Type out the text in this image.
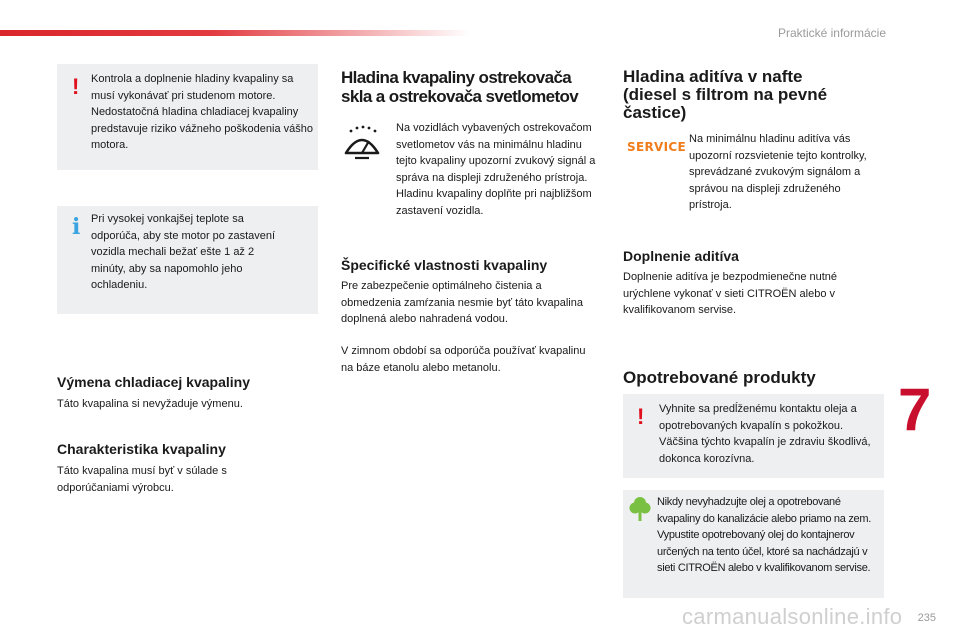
Praktické informácie
! Kontrola a doplnenie hladiny kvapaliny sa musí vykonávať pri studenom motore. Nedostatočná hladina chladiacej kvapaliny predstavuje riziko vážneho poškodenia vášho motora.
i Pri vysokej vonkajšej teplote sa odporúča, aby ste motor po zastavení vozidla mechali bežať ešte 1 až 2 minúty, aby sa napomohlo jeho ochladeniu.
Výmena chladiacej kvapaliny

Táto kvapalina si nevyžaduje výmenu.

Charakteristika kvapaliny

Táto kvapalina musí byť v súlade s odporúčaniami výrobcu.

Hladina kvapaliny ostrekovača
skla a ostrekovača svetlometov

Na vozidlách vybavených ostrekovačom svetlometov vás na minimálnu hladinu tejto kvapaliny upozorní zvukový signál a správa na displeji združeného prístroja. Hladinu kvapaliny doplňte pri najbližšom zastavení vozidla.

Špecifické vlastnosti kvapaliny

Pre zabezpečenie optimálneho čistenia a obmedzenia zamŕzania nesmie byť táto kvapalina doplnená alebo nahradená vodou.

V zimnom období sa odporúča používať kvapalinu na báze etanolu alebo metanolu.

Hladina aditíva v nafte
(diesel s filtrom na pevné
častice)
SERVICE

Na minimálnu hladinu aditíva vás upozorní rozsvietenie tejto kontrolky, sprevádzané zvukovým signálom a správou na displeji združeného prístroja.

Doplnenie aditíva

Doplnenie aditíva je bezpodmienečne nutné urýchlene vykonať v sieti CITROËN alebo v kvalifikovanom servise.

Opotrebované produkty
! Vyhnite sa predĺženému kontaktu oleja a opotrebovaných kvapalín s pokožkou. Väčšina týchto kvapalín je zdraviu škodlivá, dokonca korozívna.
Nikdy nevyhadzujte olej a opotrebované kvapaliny do kanalizácie alebo priamo na zem. Vypustite opotrebovaný olej do kontajnerov určených na tento účel, ktoré sa nachádzajú v sieti CITROËN alebo v kvalifikovanom servise.
7
235
carmanualsonline.info
